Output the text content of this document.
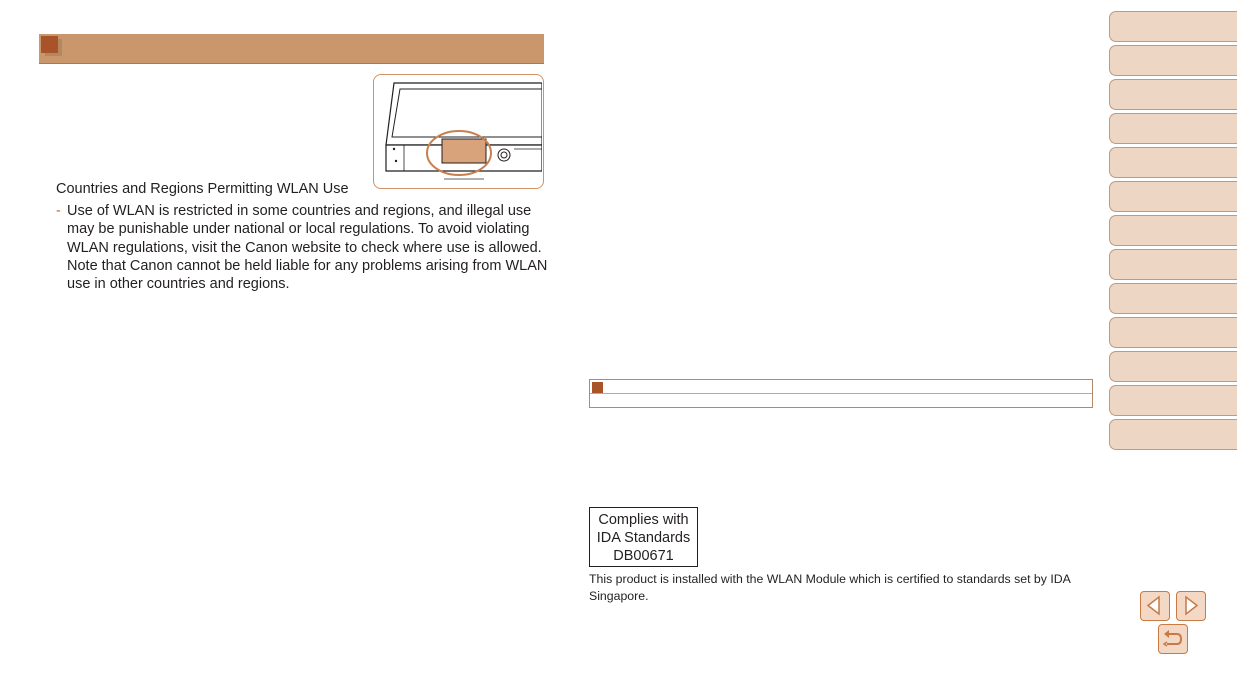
Countries and Regions Permitting WLAN Use
- Use of WLAN is restricted in some countries and regions, and illegal use may be punishable under national or local regulations. To avoid violating WLAN regulations, visit the Canon website to check where use is allowed.

Note that Canon cannot be held liable for any problems arising from WLAN use in other countries and regions.

Complies with
IDA Standards
DB00671

This product is installed with the WLAN Module which is certified to standards set by IDA Singapore.
